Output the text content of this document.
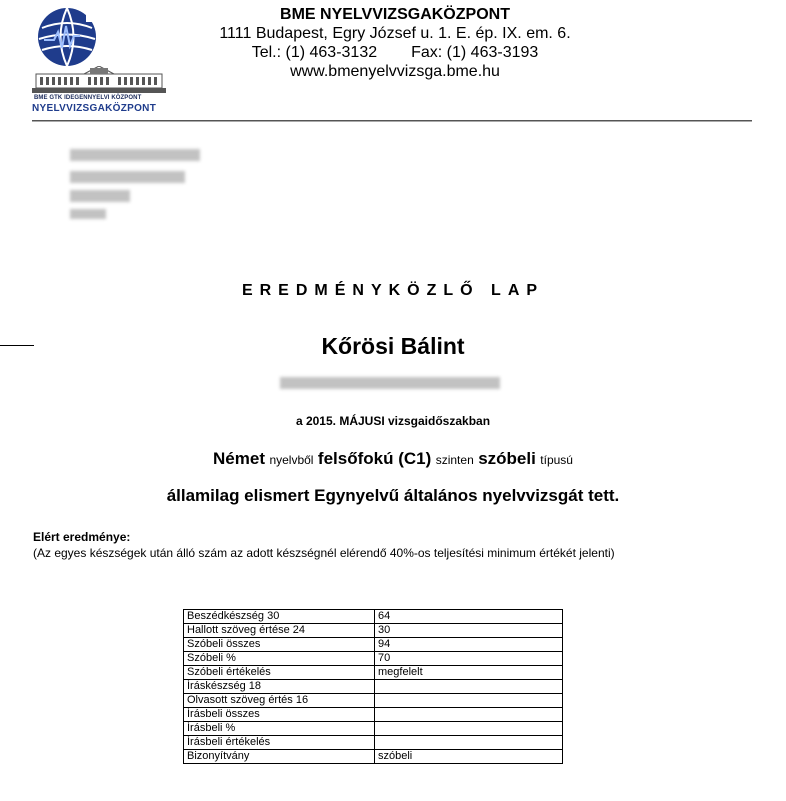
BME GTK IDEGENNYELVI KÖZPONT
NYELVVIZSGAKÖZPONT
BME NYELVVIZSGAKÖZPONT
1111 Budapest, Egry József u. 1. E. ép. IX. em. 6.
Tel.: (1) 463-3132 Fax: (1) 463-3193
www.bmenyelvvizsga.bme.hu
EREDMÉNYKÖZLŐ LAP
Kőrösi Bálint
a 2015. MÁJUSI vizsgaidőszakban
Német nyelvből felsőfokú (C1) szinten szóbeli típusú
államilag elismert Egynyelvű általános nyelvvizsgát tett.
Elért eredménye:
(Az egyes készségek után álló szám az adott készségnél elérendő 40%-os teljesítési minimum értékét jelenti)
Beszédkészség 30	64
Hallott szöveg értése 24	30
Szóbeli összes	94
Szóbeli %	70
Szóbeli értékelés	megfelelt
Íráskészség 18	
Olvasott szöveg értés 16	
Írásbeli összes	
Írásbeli %	
Írásbeli értékelés	
Bizonyítvány	szóbeli
